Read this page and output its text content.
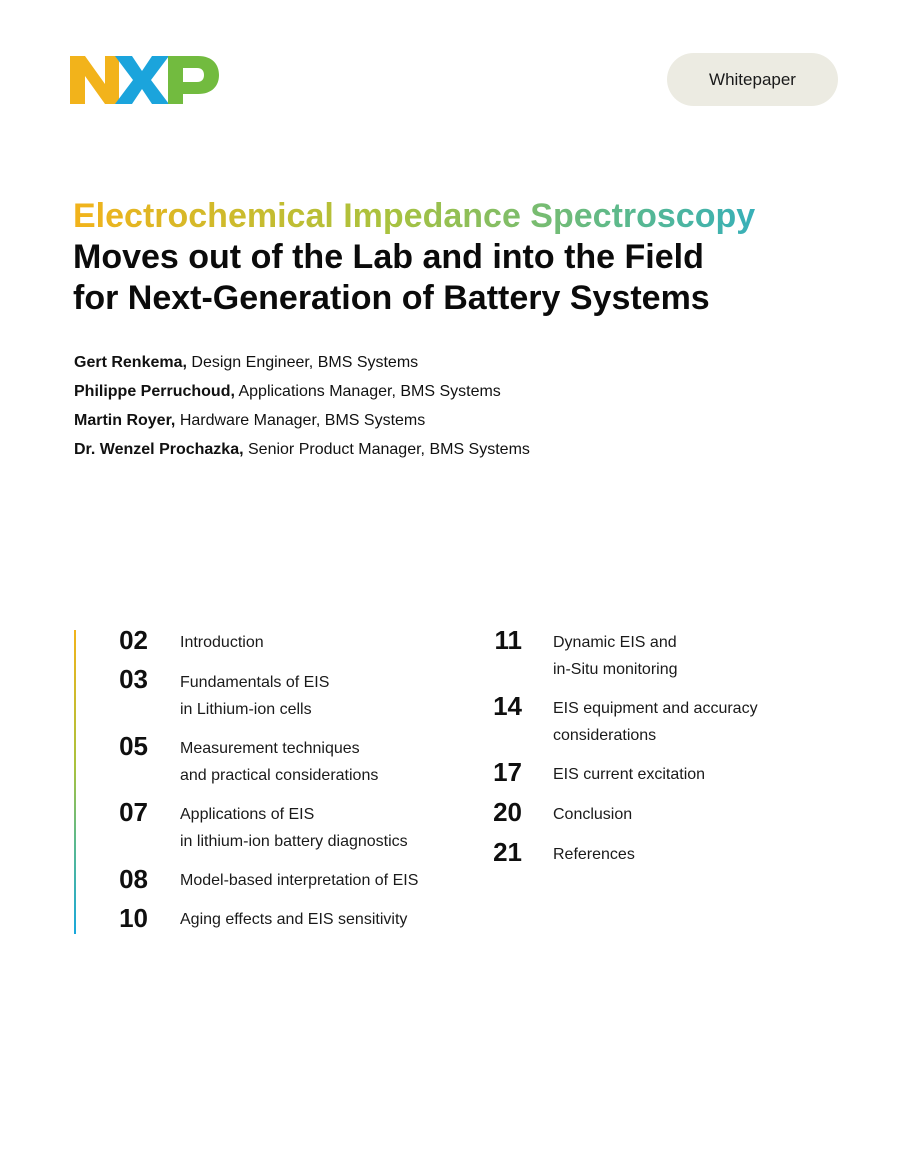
Whitepaper
Electrochemical Impedance Spectroscopy
Moves out of the Lab and into the Field
for Next-Generation of Battery Systems
Gert Renkema, Design Engineer, BMS Systems
Philippe Perruchoud, Applications Manager, BMS Systems
Martin Royer, Hardware Manager, BMS Systems
Dr. Wenzel Prochazka, Senior Product Manager, BMS Systems
02 Introduction
03 Fundamentals of EIS
in Lithium-ion cells
05 Measurement techniques
and practical considerations
07 Applications of EIS
in lithium-ion battery diagnostics
08 Model-based interpretation of EIS
10 Aging effects and EIS sensitivity
11 Dynamic EIS and
in-Situ monitoring
14 EIS equipment and accuracy
considerations
17 EIS current excitation
20 Conclusion
21 References
